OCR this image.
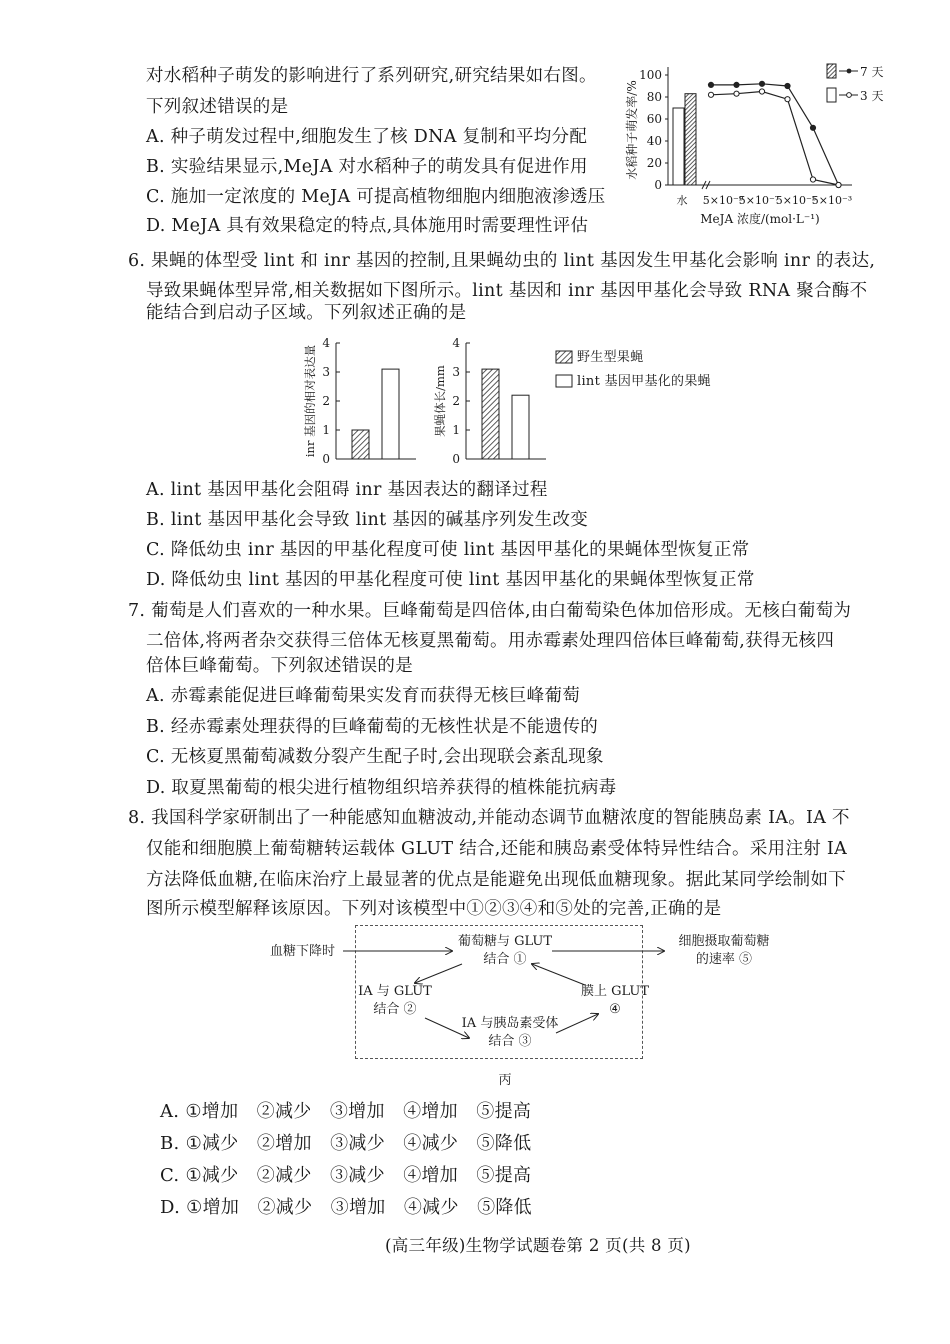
对水稻种子萌发的影响进行了系列研究,研究结果如右图。
下列叙述错误的是
A. 种子萌发过程中,细胞发生了核 DNA 复制和平均分配
B. 实验结果显示,MeJA 对水稻种子的萌发具有促进作用
C. 施加一定浓度的 MeJA 可提高植物细胞内细胞液渗透压
D. MeJA 具有效果稳定的特点,具体施用时需要理性评估
0
20
40
60
80
100
水稻种子萌发率/%
水 5×10⁻⁹
5×10⁻⁷
5×10⁻⁵
5×10⁻³
MeJA 浓度/(mol·L⁻¹)
7 天
3 天
6. 果蝇的体型受 lint 和 inr 基因的控制,且果蝇幼虫的 lint 基因发生甲基化会影响 inr 的表达,
导致果蝇体型异常,相关数据如下图所示。lint 基因和 inr 基因甲基化会导致 RNA 聚合酶不
能结合到启动子区域。下列叙述正确的是
0
1
2
3
4
inr 基因的相对表达量
0
1
2
3
4
果蝇体长/mm
野生型果蝇
lint 基因甲基化的果蝇
A. lint 基因甲基化会阻碍 inr 基因表达的翻译过程
B. lint 基因甲基化会导致 lint 基因的碱基序列发生改变
C. 降低幼虫 inr 基因的甲基化程度可使 lint 基因甲基化的果蝇体型恢复正常
D. 降低幼虫 lint 基因的甲基化程度可使 lint 基因甲基化的果蝇体型恢复正常
7. 葡萄是人们喜欢的一种水果。巨峰葡萄是四倍体,由白葡萄染色体加倍形成。无核白葡萄为
二倍体,将两者杂交获得三倍体无核夏黑葡萄。用赤霉素处理四倍体巨峰葡萄,获得无核四
倍体巨峰葡萄。下列叙述错误的是
A. 赤霉素能促进巨峰葡萄果实发育而获得无核巨峰葡萄
B. 经赤霉素处理获得的巨峰葡萄的无核性状是不能遗传的
C. 无核夏黑葡萄减数分裂产生配子时,会出现联会紊乱现象
D. 取夏黑葡萄的根尖进行植物组织培养获得的植株能抗病毒
8. 我国科学家研制出了一种能感知血糖波动,并能动态调节血糖浓度的智能胰岛素 IA。IA 不
仅能和细胞膜上葡萄糖转运载体 GLUT 结合,还能和胰岛素受体特异性结合。采用注射 IA
方法降低血糖,在临床治疗上最显著的优点是能避免出现低血糖现象。据此某同学绘制如下
图所示模型解释该原因。下列对该模型中①②③④和⑤处的完善,正确的是
血糖下降时
葡萄糖与 GLUT
结合 ①
IA 与 GLUT
结合 ②
IA 与胰岛素受体
结合 ③
膜上 GLUT
④
细胞摄取葡萄糖
的速率 ⑤
丙
A. ①增加　②减少　③增加　④增加　⑤提高
B. ①减少　②增加　③减少　④减少　⑤降低
C. ①减少　②减少　③减少　④增加　⑤提高
D. ①增加　②减少　③增加　④减少　⑤降低
(高三年级)生物学试题卷第 2 页(共 8 页)
